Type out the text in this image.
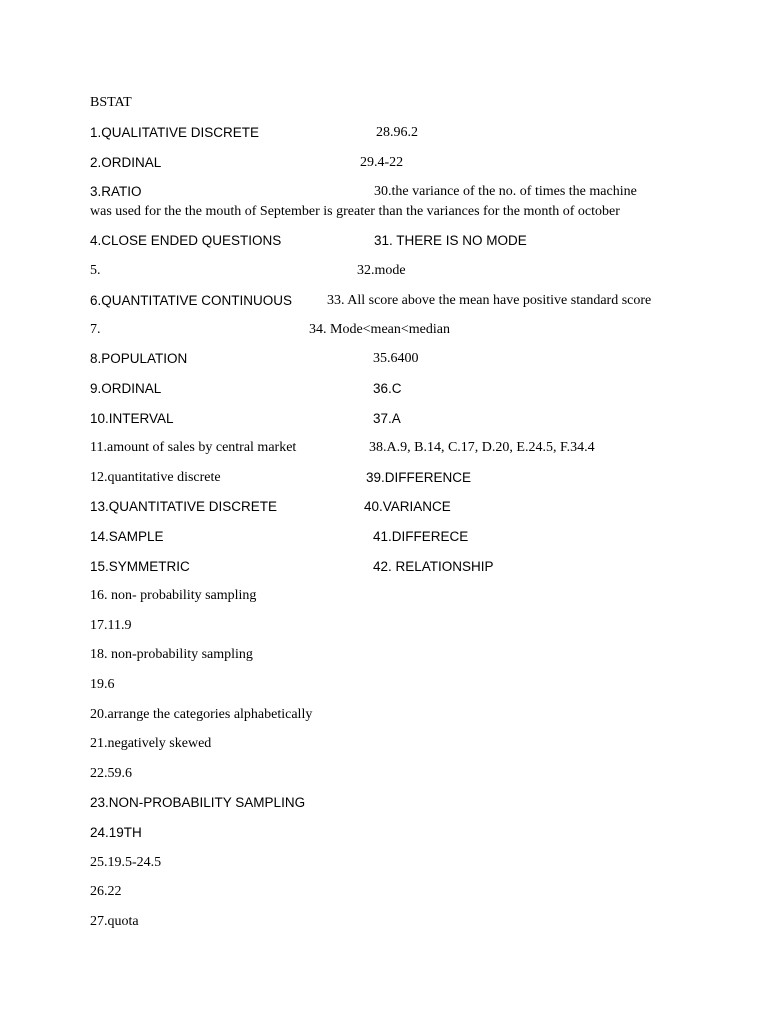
BSTAT
1.QUALITATIVE DISCRETE
2.ORDINAL
3.RATIO
4.CLOSE ENDED QUESTIONS
5.
6.QUANTITATIVE CONTINUOUS
7.
8.POPULATION
9.ORDINAL
10.INTERVAL
11.amount of sales by central market
12.quantitative discrete
13.QUANTITATIVE DISCRETE
14.SAMPLE
15.SYMMETRIC
28.96.2
29.4-22
30.the variance of the no. of times the machine
was used for the the mouth of September is greater than the variances for the month of october
31. THERE IS NO MODE
32.mode
33. All score above the mean have positive standard score
34. Mode<mean<median
35.6400
36.C
37.A
38.A.9, B.14, C.17, D.20, E.24.5, F.34.4
39.DIFFERENCE
40.VARIANCE
41.DIFFERECE
42. RELATIONSHIP
16. non- probability sampling
17.11.9
18. non-probability sampling
19.6
20.arrange the categories alphabetically
21.negatively skewed
22.59.6
23.NON-PROBABILITY SAMPLING
24.19TH
25.19.5-24.5
26.22
27.quota
